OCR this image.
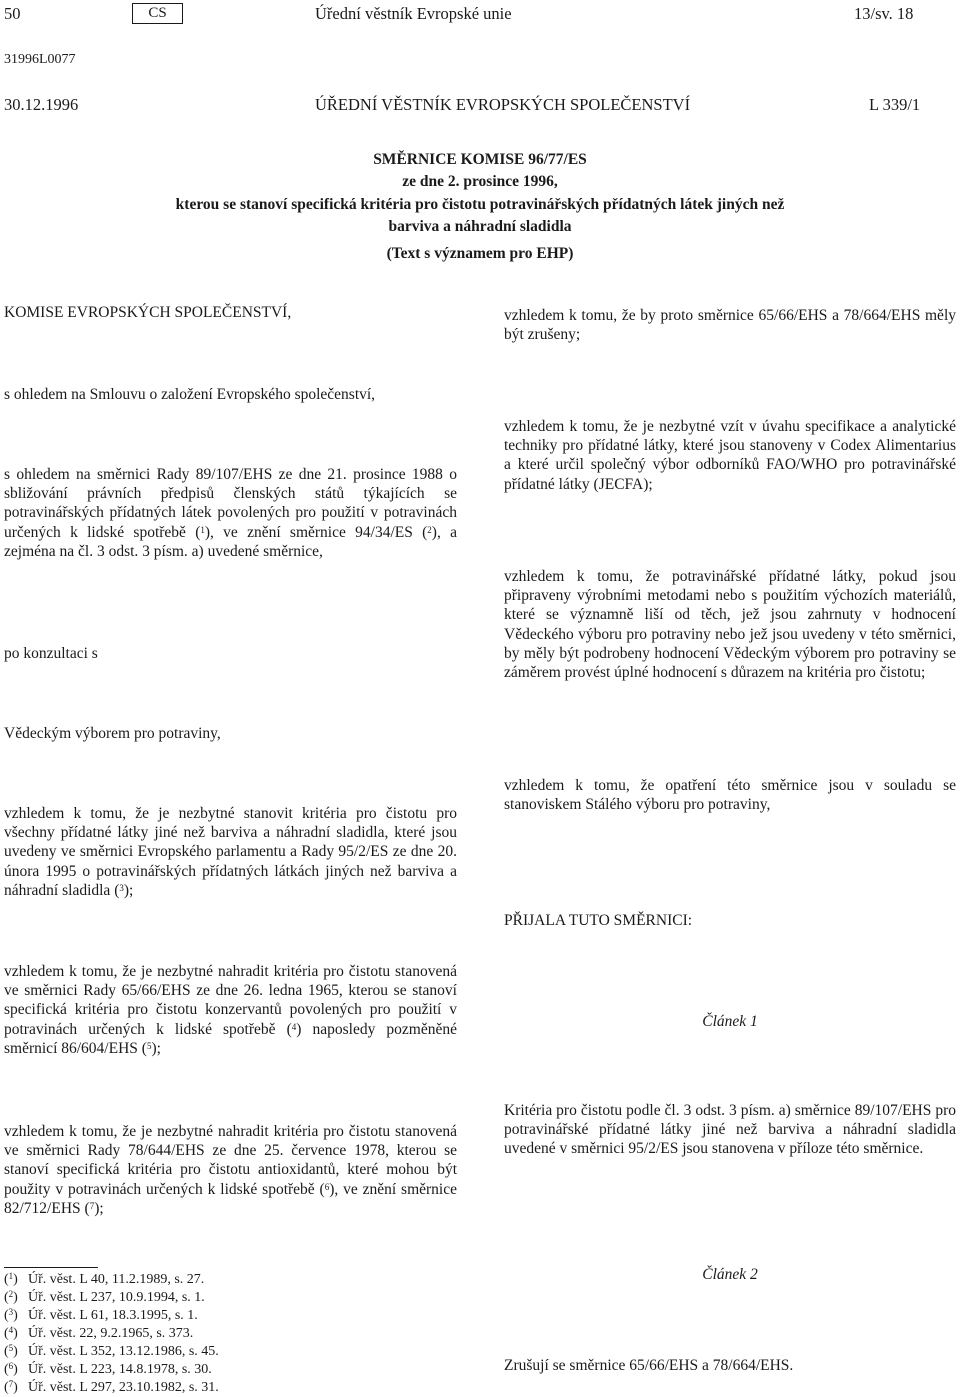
50	CS	Úřední věstník Evropské unie	13/sv. 18
31996L0077
30.12.1996	ÚŘEDNÍ VĚSTNÍK EVROPSKÝCH SPOLEČENSTVÍ	L 339/1
SMĚRNICE KOMISE 96/77/ES
ze dne 2. prosince 1996,
kterou se stanoví specifická kritéria pro čistotu potravinářských přídatných látek jiných než
barviva a náhradní sladidla
(Text s významem pro EHP)

KOMISE EVROPSKÝCH SPOLEČENSTVÍ,

s ohledem na Smlouvu o založení Evropského společenství,

s ohledem na směrnici Rady 89/107/EHS ze dne 21. prosince 1988 o sbližování právních předpisů členských států týkajících se potravinářských přídatných látek povolených pro použití v potravinách určených k lidské spotřebě ($^1$), ve znění směrnice 94/34/ES ($^2$), a zejména na čl. 3 odst. 3 písm. a) uvedené směrnice,

po konzultaci s

Vědeckým výborem pro potraviny,

vzhledem k tomu, že je nezbytné stanovit kritéria pro čistotu pro všechny přídatné látky jiné než barviva a náhradní sladidla, které jsou uvedeny ve směrnici Evropského parlamentu a Rady 95/2/ES ze dne 20. února 1995 o potravinářských přídatných látkách jiných než barviva a náhradní sladidla ($^3$);

vzhledem k tomu, že je nezbytné nahradit kritéria pro čistotu stanovená ve směrnici Rady 65/66/EHS ze dne 26. ledna 1965, kterou se stanoví specifická kritéria pro čistotu konzervantů povolených pro použití v potravinách určených k lidské spotřebě ($^4$) naposledy pozměněné směrnicí 86/604/EHS ($^5$);

vzhledem k tomu, že je nezbytné nahradit kritéria pro čistotu stanovená ve směrnici Rady 78/644/EHS ze dne 25. července 1978, kterou se stanoví specifická kritéria pro čistotu antioxidantů, které mohou být použity v potravinách určených k lidské spotřebě ($^6$), ve znění směrnice 82/712/EHS ($^7$);

vzhledem k tomu, že by proto směrnice 65/66/EHS a 78/664/EHS měly být zrušeny;

vzhledem k tomu, že je nezbytné vzít v úvahu specifikace a analytické techniky pro přídatné látky, které jsou stanoveny v Codex Alimentarius a které určil společný výbor odborníků FAO/WHO pro potravinářské přídatné látky (JECFA);

vzhledem k tomu, že potravinářské přídatné látky, pokud jsou připraveny výrobními metodami nebo s použitím výchozích materiálů, které se významně liší od těch, jež jsou zahrnuty v hodnocení Vědeckého výboru pro potraviny nebo jež jsou uvedeny v této směrnici, by měly být podrobeny hodnocení Vědeckým výborem pro potraviny se záměrem provést úplné hodnocení s důrazem na kritéria pro čistotu;

vzhledem k tomu, že opatření této směrnice jsou v souladu se stanoviskem Stálého výboru pro potraviny,

PŘIJALA TUTO SMĚRNICI:

Článek 1

Kritéria pro čistotu podle čl. 3 odst. 3 písm. a) směrnice 89/107/EHS pro potravinářské přídatné látky jiné než barviva a náhradní sladidla uvedené v směrnici 95/2/ES jsou stanovena v příloze této směrnice.

Článek 2

Zrušují se směrnice 65/66/EHS a 78/664/EHS.

($^1$) Úř. věst. L 40, 11.2.1989, s. 27.
($^2$) Úř. věst. L 237, 10.9.1994, s. 1.
($^3$) Úř. věst. L 61, 18.3.1995, s. 1.
($^4$) Úř. věst. 22, 9.2.1965, s. 373.
($^5$) Úř. věst. L 352, 13.12.1986, s. 45.
($^6$) Úř. věst. L 223, 14.8.1978, s. 30.
($^7$) Úř. věst. L 297, 23.10.1982, s. 31.
